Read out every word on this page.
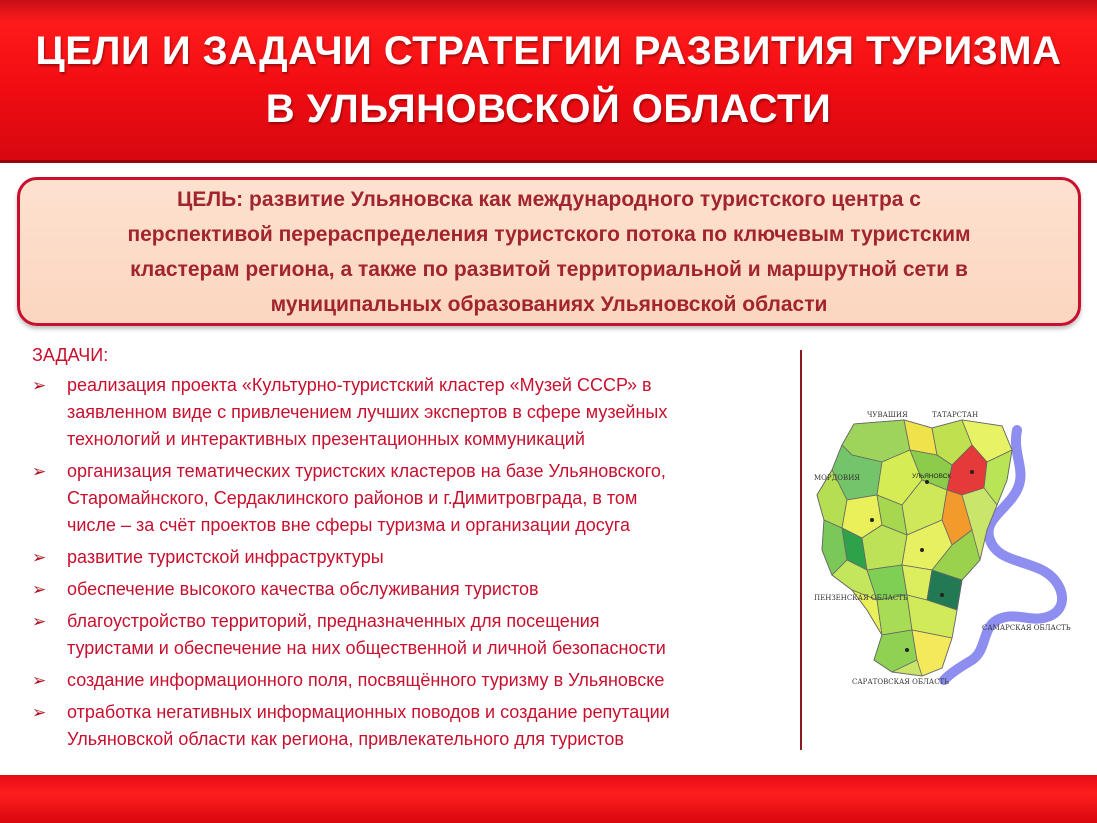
ЦЕЛИ И ЗАДАЧИ СТРАТЕГИИ РАЗВИТИЯ ТУРИЗМА
В УЛЬЯНОВСКОЙ ОБЛАСТИ
ЦЕЛЬ: развитие Ульяновска как международного туристского центра с
перспективой перераспределения туристского потока по ключевым туристским
кластерам региона, а также по развитой территориальной и маршрутной сети в
муниципальных образованиях Ульяновской области
ЗАДАЧИ:
➢ реализация проекта «Культурно-туристский кластер «Музей СССР» в
заявленном виде с привлечением лучших экспертов в сфере музейных
технологий и интерактивных презентационных коммуникаций
➢ организация тематических туристских кластеров на базе Ульяновского,
Старомайнского, Сердаклинского районов и г.Димитровграда, в том
числе – за счёт проектов вне сферы туризма и организации досуга
➢ развитие туристской инфраструктуры
➢ обеспечение высокого качества обслуживания туристов
➢ благоустройство территорий, предназначенных для посещения
туристами и обеспечение на них общественной и личной безопасности
➢ создание информационного поля, посвящённого туризму в Ульяновске
➢ отработка негативных информационных поводов и создание репутации
Ульяновской области как региона, привлекательного для туристов
ЧУВАШИЯ	ТАТАРСТАН
МОРДОВИЯ	УЛЬЯНОВСК
ПЕНЗЕНСКАЯ ОБЛАСТЬ
САМАРСКАЯ ОБЛАСТЬ
САРАТОВСКАЯ ОБЛАСТЬ
